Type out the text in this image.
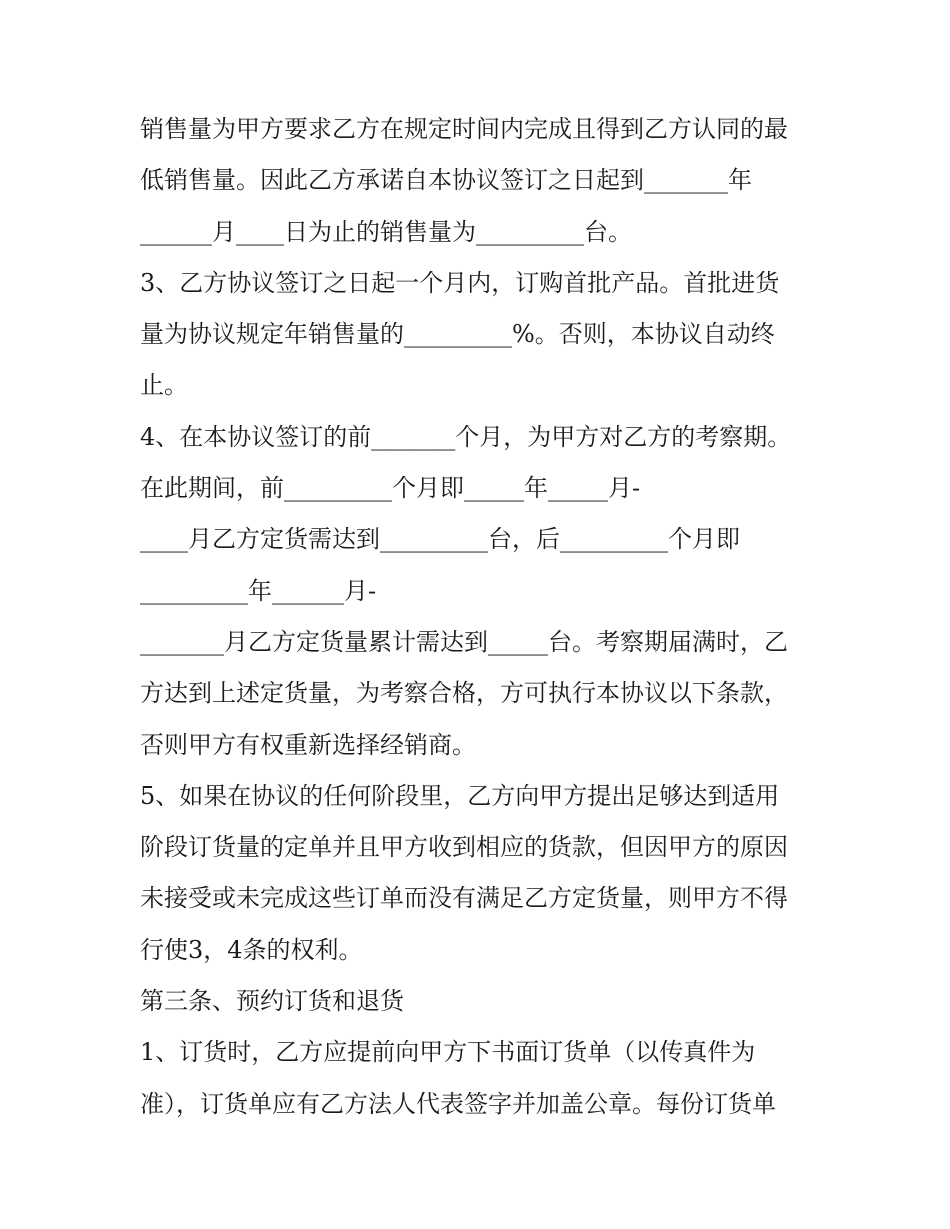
销售量为甲方要求乙方在规定时间内完成且得到乙方认同的最
低销售量。因此乙方承诺自本协议签订之日起到_______年
______月____日为止的销售量为_________台。
3、乙方协议签订之日起一个月内，订购首批产品。首批进货
量为协议规定年销售量的_________%。否则，本协议自动终
止。
4、在本协议签订的前_______个月，为甲方对乙方的考察期。
在此期间，前_________个月即_____年_____月-
____月乙方定货需达到_________台，后_________个月即
_________年______月-
_______月乙方定货量累计需达到_____台。考察期届满时，乙
方达到上述定货量，为考察合格，方可执行本协议以下条款，
否则甲方有权重新选择经销商。
5、如果在协议的任何阶段里，乙方向甲方提出足够达到适用
阶段订货量的定单并且甲方收到相应的货款，但因甲方的原因
未接受或未完成这些订单而没有满足乙方定货量，则甲方不得
行使3，4条的权利。
第三条、预约订货和退货
1、订货时，乙方应提前向甲方下书面订货单（以传真件为
准），订货单应有乙方法人代表签字并加盖公章。每份订货单
